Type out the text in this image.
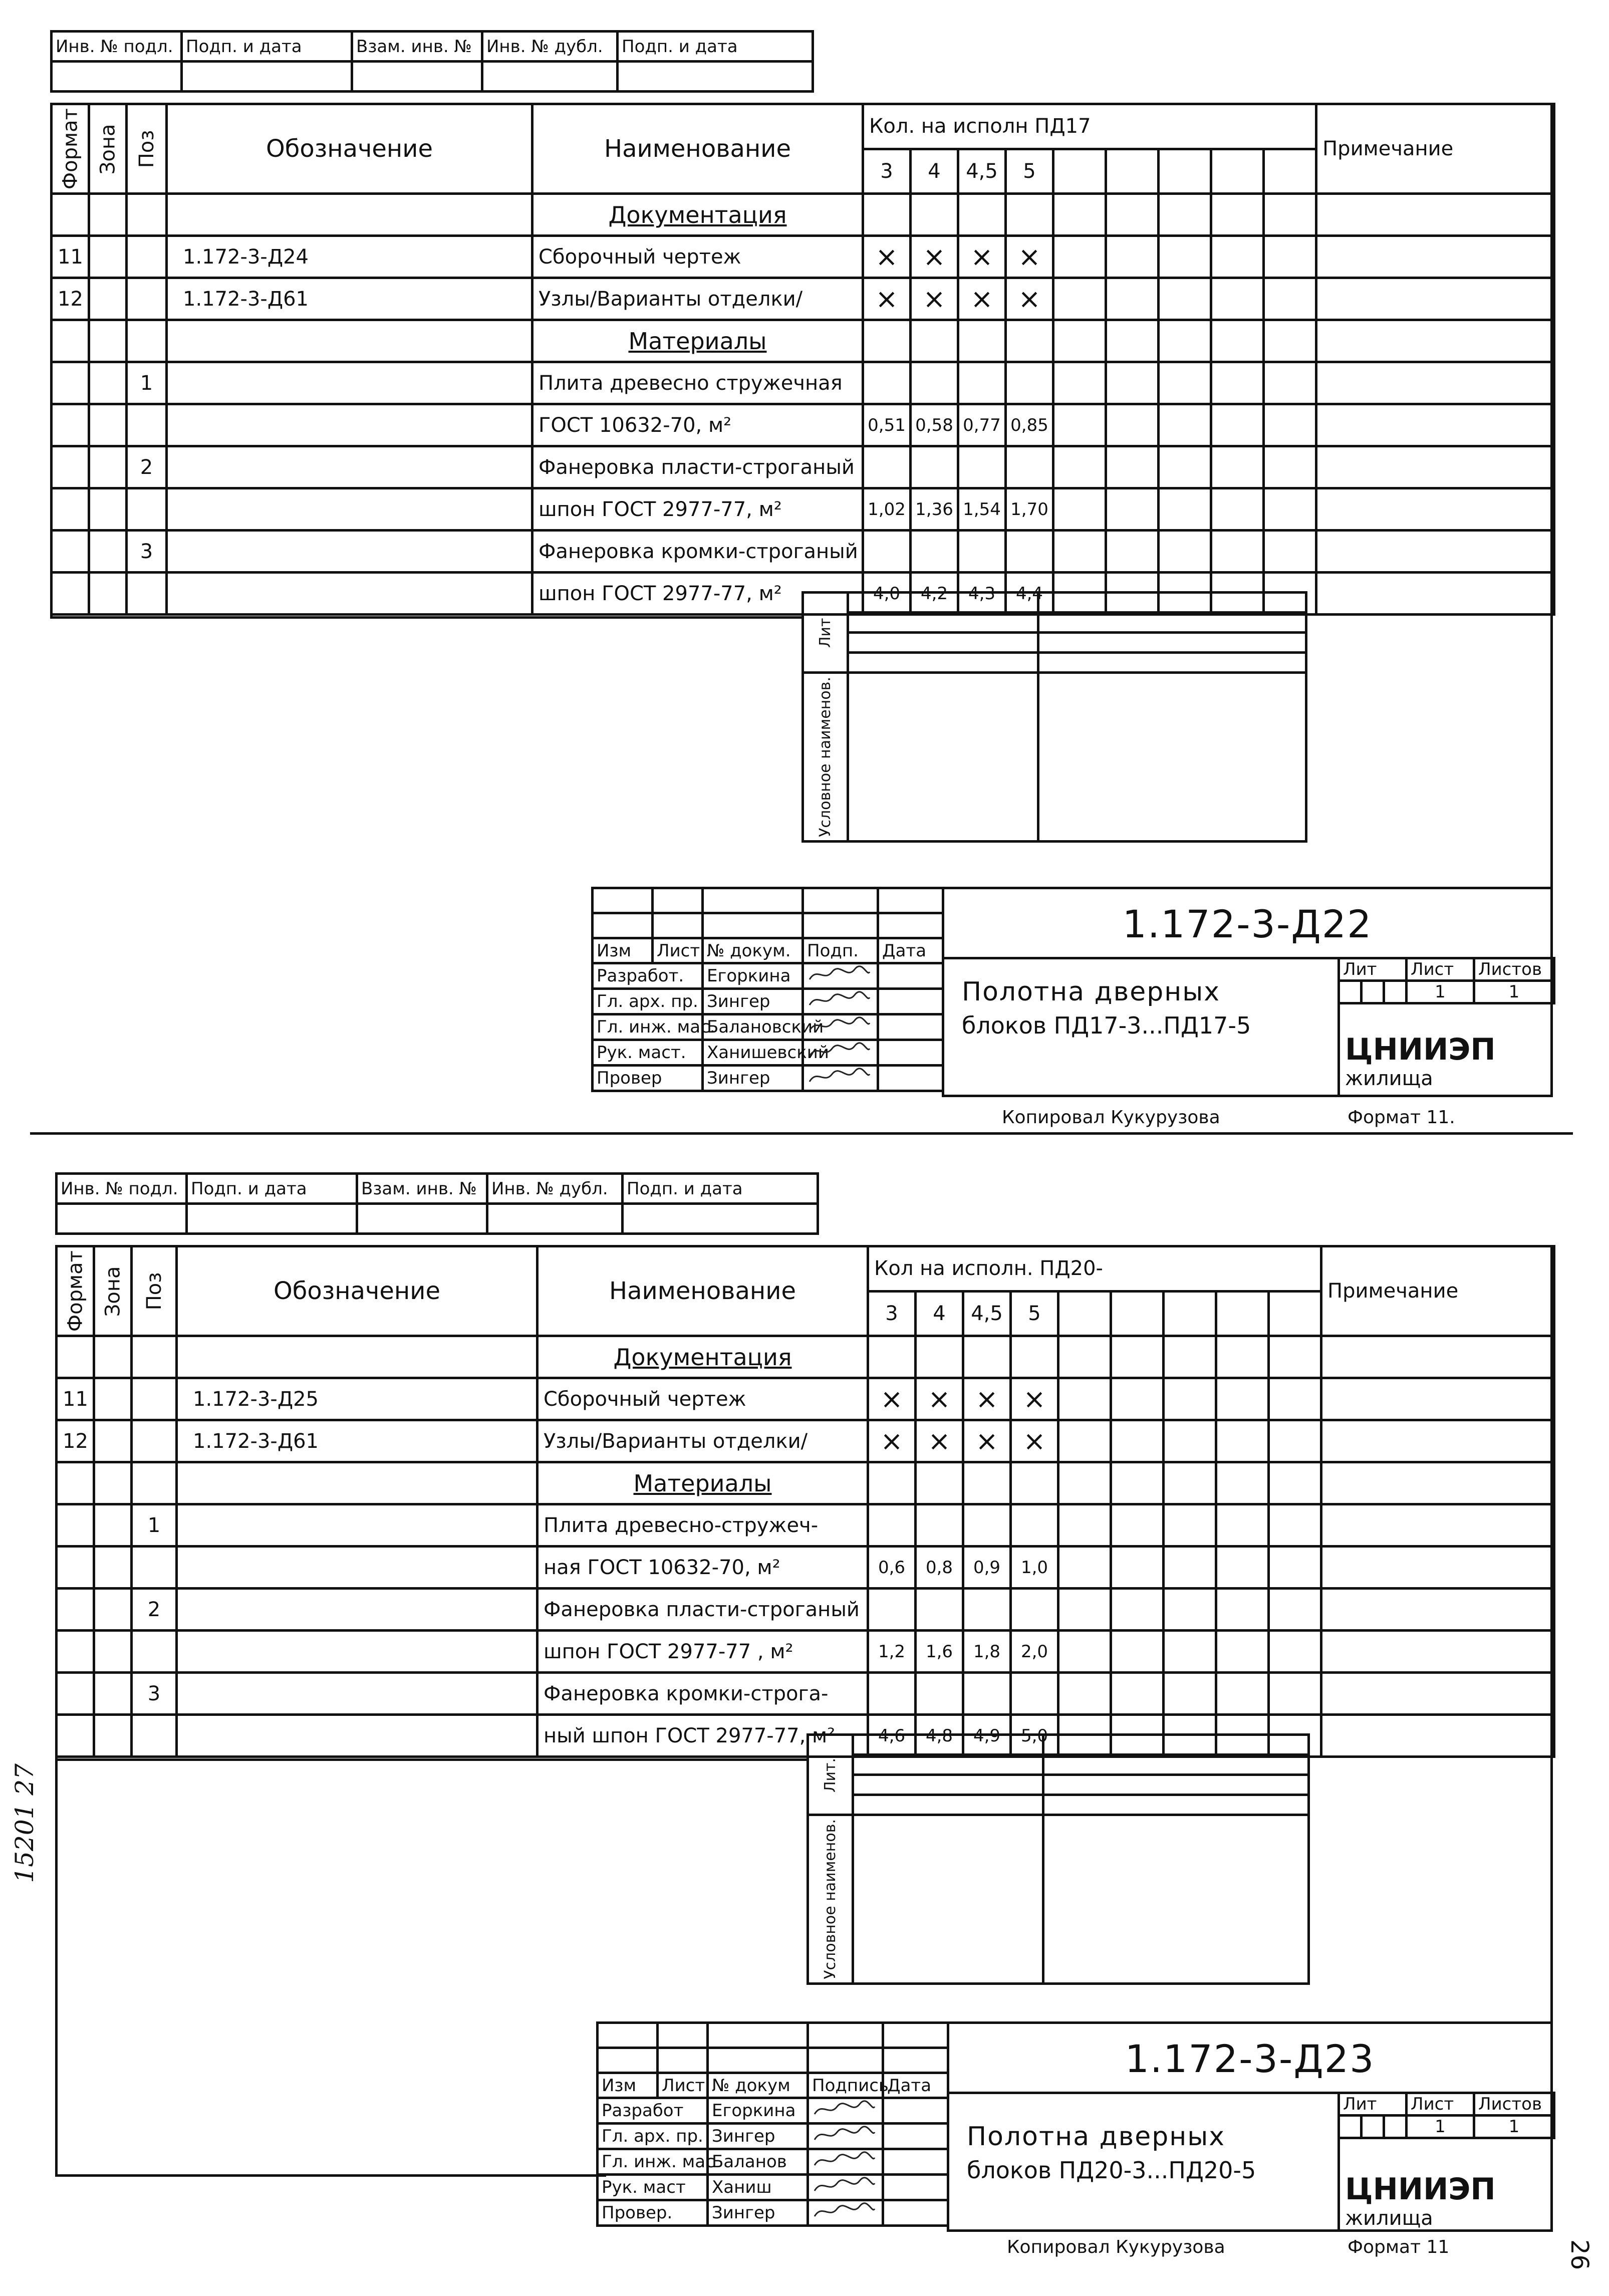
Инв. № подл.	Подп. и дата	Взам. инв. №	Инв. № дубл.	Подп. и дата

Формат	Зона	Поз	Обозначение	Наименование	Кол. на исполн ПД17									Примечание
					3	4	4,5	5						
				Документация										
11			1.172-3-Д24	Сборочный чертеж	×	×	×	×						
12			1.172-3-Д61	Узлы/Варианты отделки/	×	×	×	×						
				Материалы										
		1		Плита древесно стружечная										
				ГОСТ 10632-70, м²	0,51	0,58	0,77	0,85						
		2		Фанеровка пласти-строганый										
				шпон ГОСТ 2977-77, м²	1,02	1,36	1,54	1,70						
		3		Фанеровка кромки-строганый										
				шпон ГОСТ 2977-77, м²	4,0	4,2	4,3	4,4						
Лит		

Условное наименов.		

Изм	Лист	№ докум.	Подп.	Дата
Разработ.		Егоркина		
Гл. арх. пр.		Зингер		
Гл. инж. мас.		Балановский		
Рук. маст.		Ханишевский		
Провер		Зингер		
1.172-3-Д22
Полотна дверных
блоков ПД17-3...ПД17-5
Лит			Лист	Листов
			1	1
ЦНИИЭП жилища
Копировал Кукурузова	Формат 11.
Инв. № подл.	Подп. и дата	Взам. инв. №	Инв. № дубл.	Подп. и дата

Формат	Зона	Поз	Обозначение	Наименование	Кол на исполн. ПД20-									Примечание
					3	4	4,5	5						
				Документация										
11			1.172-3-Д25	Сборочный чертеж	×	×	×	×						
12			1.172-3-Д61	Узлы/Варианты отделки/	×	×	×	×						
				Материалы										
		1		Плита древесно-стружеч-										
				ная ГОСТ 10632-70, м²	0,6	0,8	0,9	1,0						
		2		Фанеровка пласти-строганый										
				шпон ГОСТ 2977-77 , м²	1,2	1,6	1,8	2,0						
		3		Фанеровка кромки-строга-										
				ный шпон ГОСТ 2977-77, м²	4,6	4,8	4,9	5,0						
Лит.		

Условное наименов.		

Изм	Лист	№ докум	Подпись	Дата
Разработ		Егоркина		
Гл. арх. пр.		Зингер		
Гл. инж. мас		Баланов		
Рук. маст		Ханиш		
Провер.		Зингер		
1.172-3-Д23
Полотна дверных
блоков ПД20-3...ПД20-5
Лит			Лист	Листов
			1	1
ЦНИИЭП жилища
Копировал Кукурузова	Формат 11
15201 27
26
